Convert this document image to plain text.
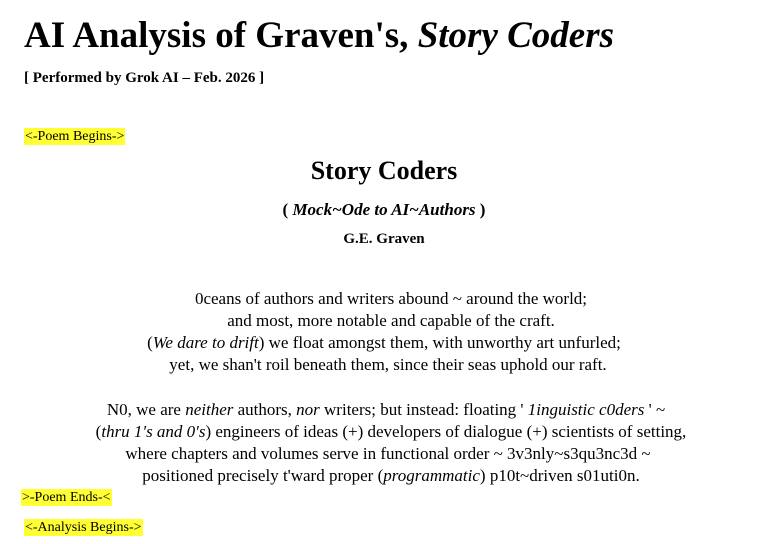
AI Analysis of Graven's, Story Coders
[ Performed by Grok AI – Feb. 2026 ]
<-Poem Begins->
Story Coders
( Mock~Ode to AI~Authors )
G.E. Graven
0ceans of authors and writers abound ~ around the world;
and most, more notable and capable of the craft.
(We dare to drift) we float amongst them, with unworthy art unfurled;
yet, we shan't roil beneath them, since their seas uphold our raft.
N0, we are neither authors, nor writers; but instead: floating ' 1inguistic c0ders ' ~
(thru 1's and 0's) engineers of ideas (+) developers of dialogue (+) scientists of setting,
where chapters and volumes serve in functional order ~ 3v3nly~s3qu3nc3d ~
positioned precisely t'ward proper (programmatic) p10t~driven s01uti0n.
>-Poem Ends-<
<-Analysis Begins->
